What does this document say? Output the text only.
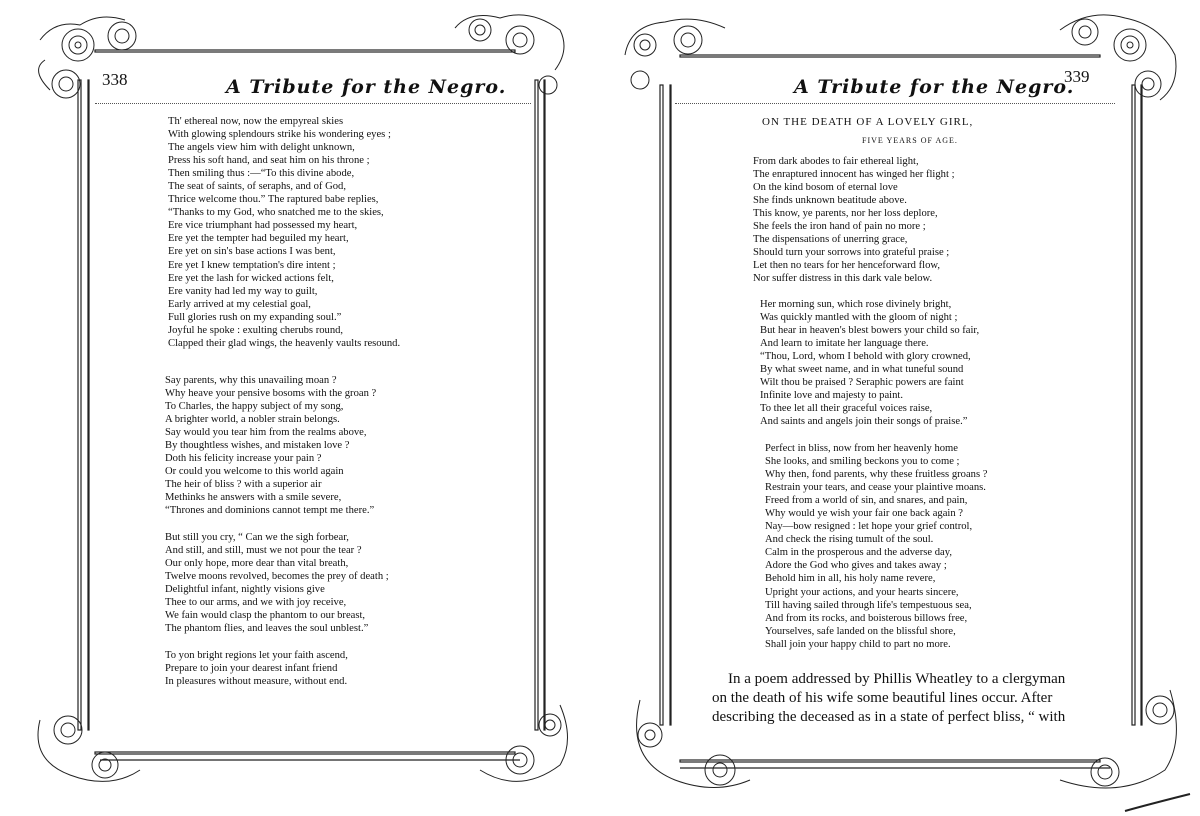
338	A Tribute for the Negro.
Th' ethereal now, now the empyreal skies
With glowing splendours strike his wondering eyes ;
The angels view him with delight unknown,
Press his soft hand, and seat him on his throne ;
Then smiling thus :—“To this divine abode,
The seat of saints, of seraphs, and of God,
Thrice welcome thou.” The raptured babe replies,
“Thanks to my God, who snatched me to the skies,
Ere vice triumphant had possessed my heart,
Ere yet the tempter had beguiled my heart,
Ere yet on sin's base actions I was bent,
Ere yet I knew temptation's dire intent ;
Ere yet the lash for wicked actions felt,
Ere vanity had led my way to guilt,
Early arrived at my celestial goal,
Full glories rush on my expanding soul.”
Joyful he spoke : exulting cherubs round,
Clapped their glad wings, the heavenly vaults resound.
Say parents, why this unavailing moan ?
Why heave your pensive bosoms with the groan ?
To Charles, the happy subject of my song,
A brighter world, a nobler strain belongs.
Say would you tear him from the realms above,
By thoughtless wishes, and mistaken love ?
Doth his felicity increase your pain ?
Or could you welcome to this world again
The heir of bliss ? with a superior air
Methinks he answers with a smile severe,
“Thrones and dominions cannot tempt me there.”
But still you cry, “ Can we the sigh forbear,
And still, and still, must we not pour the tear ?
Our only hope, more dear than vital breath,
Twelve moons revolved, becomes the prey of death ;
Delightful infant, nightly visions give
Thee to our arms, and we with joy receive,
We fain would clasp the phantom to our breast,
The phantom flies, and leaves the soul unblest.”
To yon bright regions let your faith ascend,
Prepare to join your dearest infant friend
In pleasures without measure, without end.
A Tribute for the Negro.
339
ON THE DEATH OF A LOVELY GIRL,
FIVE YEARS OF AGE.
From dark abodes to fair ethereal light,
The enraptured innocent has winged her flight ;
On the kind bosom of eternal love
She finds unknown beatitude above.
This know, ye parents, nor her loss deplore,
She feels the iron hand of pain no more ;
The dispensations of unerring grace,
Should turn your sorrows into grateful praise ;
Let then no tears for her henceforward flow,
Nor suffer distress in this dark vale below.
Her morning sun, which rose divinely bright,
Was quickly mantled with the gloom of night ;
But hear in heaven's blest bowers your child so fair,
And learn to imitate her language there.
“Thou, Lord, whom I behold with glory crowned,
By what sweet name, and in what tuneful sound
Wilt thou be praised ? Seraphic powers are faint
Infinite love and majesty to paint.
To thee let all their graceful voices raise,
And saints and angels join their songs of praise.”
Perfect in bliss, now from her heavenly home
She looks, and smiling beckons you to come ;
Why then, fond parents, why these fruitless groans ?
Restrain your tears, and cease your plaintive moans.
Freed from a world of sin, and snares, and pain,
Why would ye wish your fair one back again ?
Nay—bow resigned : let hope your grief control,
And check the rising tumult of the soul.
Calm in the prosperous and the adverse day,
Adore the God who gives and takes away ;
Behold him in all, his holy name revere,
Upright your actions, and your hearts sincere,
Till having sailed through life's tempestuous sea,
And from its rocks, and boisterous billows free,
Yourselves, safe landed on the blissful shore,
Shall join your happy child to part no more.
In a poem addressed by Phillis Wheatley to a clergyman
on the death of his wife some beautiful lines occur. After
describing the deceased as in a state of perfect bliss, “ with
